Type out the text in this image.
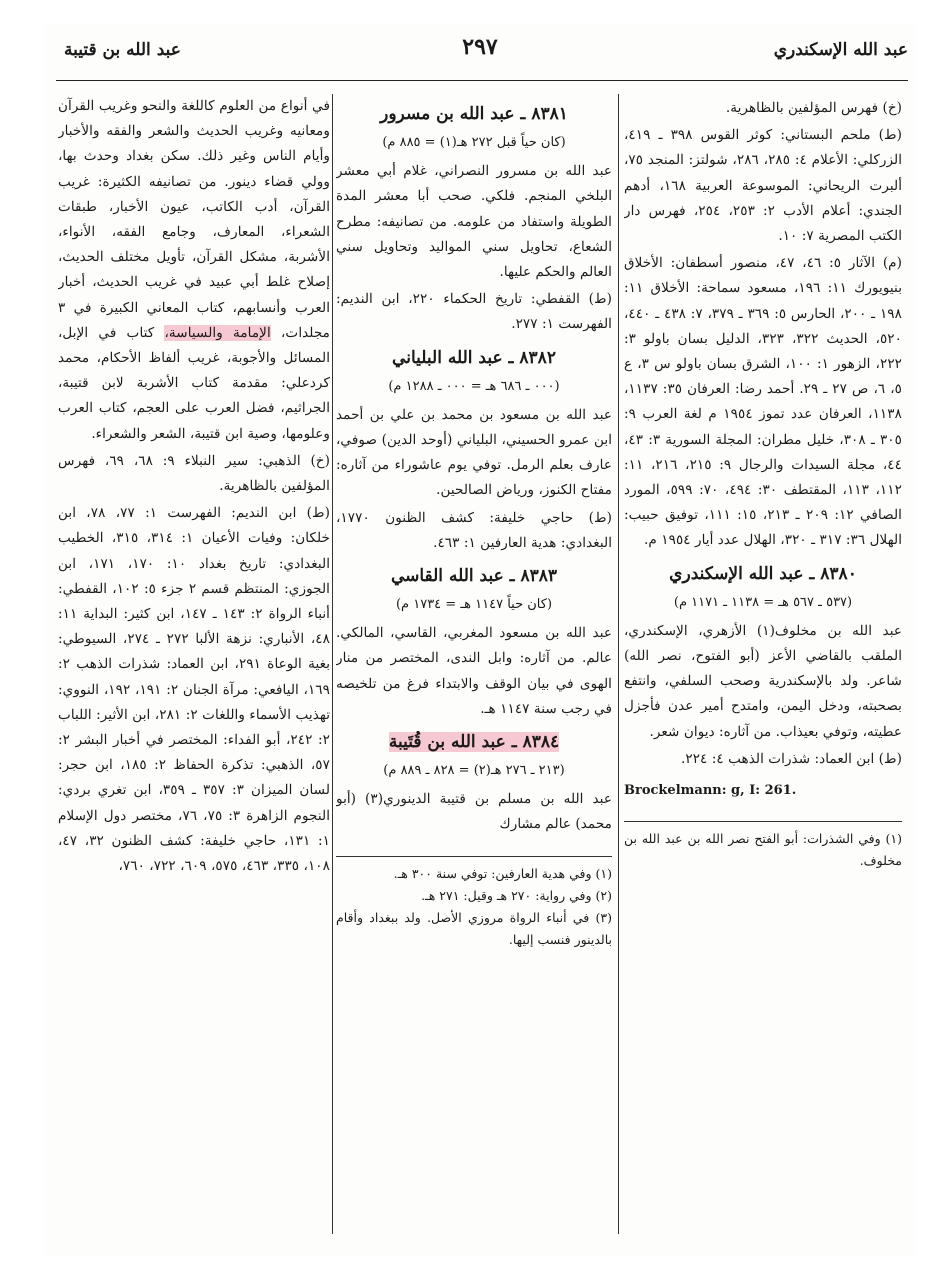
عبد الله الإسكندري
٢٩٧
عبد الله بن قتيبة

(خ) فهرس المؤلفين بالظاهرية.

(ط) ملحم البستاني: كوثر القوس ٣٩٨ ـ ٤١٩، الزركلي: الأعلام ٤: ٢٨٥، ٢٨٦، شولتز: المنجد ٧٥، ألبرت الريحاني: الموسوعة العربية ١٦٨، أدهم الجندي: أعلام الأدب ٢: ٢٥٣، ٢٥٤، فهرس دار الكتب المصرية ٧: ١٠.

(م) الآثار ٥: ٤٦، ٤٧، منصور أسطفان: الأخلاق بنيويورك ١١: ١٩٦، مسعود سماحة: الأخلاق ١١: ١٩٨ ـ ٢٠٠، الحارس ٥: ٣٦٩ ـ ٣٧٩، ٧: ٤٣٨ ـ ٤٤٠، ٥٢٠، الحديث ٣٢٢، ٣٢٣، الدليل بسان باولو ٣: ٢٢٢، الزهور ١: ١٠٠، الشرق بسان باولو س ٣، ع ٥، ٦، ص ٢٧ ـ ٢٩. أحمد رضا: العرفان ٣٥: ١١٣٧، ١١٣٨، العرفان عدد تموز ١٩٥٤ م لغة العرب ٩: ٣٠٥ ـ ٣٠٨، خليل مطران: المجلة السورية ٣: ٤٣، ٤٤، مجلة السيدات والرجال ٩: ٢١٥، ٢١٦، ١١: ١١٢، ١١٣، المقتطف ٣٠: ٤٩٤، ٧٠: ٥٩٩، المورد الصافي ١٢: ٢٠٩ ـ ٢١٣، ١٥: ١١١، توفيق حبيب: الهلال ٣٦: ٣١٧ ـ ٣٢٠، الهلال عدد أيار ١٩٥٤ م.

٨٣٨٠ ـ عبد الله الإسكندري
(٥٣٧ ـ ٥٦٧ هـ = ١١٣٨ ـ ١١٧١ م)

عبد الله بن مخلوف(١) الأزهري، الإسكندري، الملقب بالقاضي الأعز (أبو الفتوح، نصر الله) شاعر. ولد بالإسكندرية وصحب السلفي، وانتفع بصحبته، ودخل اليمن، وامتدح أمير عدن فأجزل عطيته، وتوفي بعيذاب. من آثاره: ديوان شعر.

(ط) ابن العماد: شذرات الذهب ٤: ٢٢٤.

Brockelmann: g, I: 261.

(١) وفي الشذرات: أبو الفتح نصر الله بن عبد الله بن مخلوف.
٨٣٨١ ـ عبد الله بن مسرور
(كان حياً قبل ٢٧٢ هـ(١) = ٨٨٥ م)

عبد الله بن مسرور النصراني، غلام أبي معشر البلخي المنجم. فلكي. صحب أبا معشر المدة الطويلة واستفاد من علومه. من تصانيفه: مطرح الشعاع، تحاويل سني المواليد وتحاويل سني العالم والحكم عليها.

(ط) القفطي: تاريخ الحكماء ٢٢٠، ابن النديم: الفهرست ١: ٢٧٧.

٨٣٨٢ ـ عبد الله البلياني
(٠٠٠ ـ ٦٨٦ هـ = ٠٠٠ ـ ١٢٨٨ م)

عبد الله بن مسعود بن محمد بن علي بن أحمد ابن عمرو الحسيني، البلياني (أوحد الدين) صوفي، عارف بعلم الرمل. توفي يوم عاشوراء من آثاره: مفتاح الكنوز، ورياض الصالحين.

(ط) حاجي خليفة: كشف الظنون ١٧٧٠، البغدادي: هدية العارفين ١: ٤٦٣.

٨٣٨٣ ـ عبد الله القاسي
(كان حياً ١١٤٧ هـ = ١٧٣٤ م)

عبد الله بن مسعود المغربي، القاسي، المالكي. عالم. من آثاره: وابل الندى، المختصر من منار الهوى في بيان الوقف والابتداء فرغ من تلخيصه في رجب سنة ١١٤٧ هـ.

٨٣٨٤ ـ عبد الله بن قُتَيبة
(٢١٣ ـ ٢٧٦ هـ(٢) = ٨٢٨ ـ ٨٨٩ م)

عبد الله بن مسلم بن قتيبة الدينوري(٣) (أبو محمد) عالم مشارك

(١) وفي هدية العارفين: توفي سنة ٣٠٠ هـ.

(٢) وفي رواية: ٢٧٠ هـ وقيل: ٢٧١ هـ.

(٣) في أنباء الرواة مروزي الأصل. ولد ببغداد وأقام بالدينور فنسب إليها.

في أنواع من العلوم كاللغة والنحو وغريب القرآن ومعانيه وغريب الحديث والشعر والفقه والأخبار وأيام الناس وغير ذلك. سكن بغداد وحدث بها، وولي قضاء دينور. من تصانيفه الكثيرة: غريب القرآن، أدب الكاتب، عيون الأخبار، طبقات الشعراء، المعارف، وجامع الفقه، الأنواء، الأشربة، مشكل القرآن، تأويل مختلف الحديث، إصلاح غلط أبي عبيد في غريب الحديث، أخبار العرب وأنسابهم، كتاب المعاني الكبيرة في ٣ مجلدات، الإمامة والسياسة، كتاب في الإبل، المسائل والأجوبة، غريب ألفاظ الأحكام، محمد كردعلي: مقدمة كتاب الأشربة لابن قتيبة، الجراثيم، فضل العرب على العجم، كتاب العرب وعلومها، وصية ابن قتيبة، الشعر والشعراء.

(خ) الذهبي: سير النبلاء ٩: ٦٨، ٦٩، فهرس المؤلفين بالظاهرية.

(ط) ابن النديم: الفهرست ١: ٧٧، ٧٨، ابن خلكان: وفيات الأعيان ١: ٣١٤، ٣١٥، الخطيب البغدادي: تاريخ بغداد ١٠: ١٧٠، ١٧١، ابن الجوزي: المنتظم قسم ٢ جزء ٥: ١٠٢، القفطي: أنباء الرواة ٢: ١٤٣ ـ ١٤٧، ابن كثير: البداية ١١: ٤٨، الأنباري: نزهة الألبا ٢٧٢ ـ ٢٧٤، السيوطي: بغية الوعاة ٢٩١، ابن العماد: شذرات الذهب ٢: ١٦٩، اليافعي: مرآة الجنان ٢: ١٩١، ١٩٢، النووي: تهذيب الأسماء واللغات ٢: ٢٨١، ابن الأثير: اللباب ٢: ٢٤٢، أبو الفداء: المختصر في أخبار البشر ٢: ٥٧، الذهبي: تذكرة الحفاظ ٢: ١٨٥، ابن حجر: لسان الميزان ٣: ٣٥٧ ـ ٣٥٩، ابن تغري بردي: النجوم الزاهرة ٣: ٧٥، ٧٦، مختصر دول الإسلام ١: ١٣١، حاجي خليفة: كشف الظنون ٣٢، ٤٧، ١٠٨، ٣٣٥، ٤٦٣، ٥٧٥، ٦٠٩، ٧٢٢، ٧٦٠،
